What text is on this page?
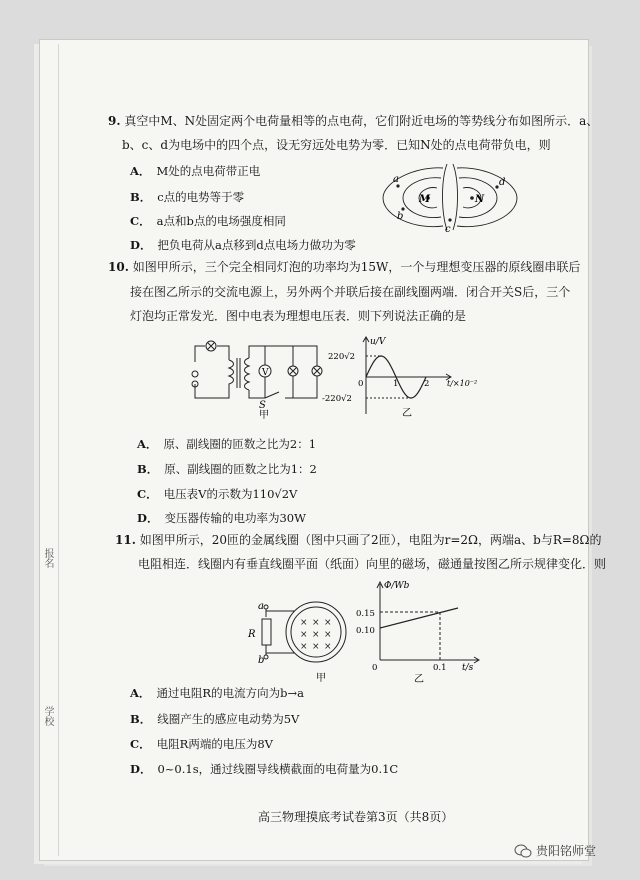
学校
报名
9. 真空中M、N处固定两个电荷量相等的点电荷，它们附近电场的等势线分布如图所示．a、
b、c、d为电场中的四个点，设无穷远处电势为零．已知N处的点电荷带负电，则
A． M处的点电荷带正电
B． c点的电势等于零
C． a点和b点的电场强度相同
D． 把负电荷从a点移到d点电场力做功为零
a
b
c
d
M	N
10. 如图甲所示，三个完全相同灯泡的功率均为15W，一个与理想变压器的原线圈串联后
接在图乙所示的交流电源上，另外两个并联后接在副线圈两端．闭合开关S后，三个
灯泡均正常发光．图中电表为理想电压表．则下列说法正确的是
V
S
甲
u/V
220√2
-220√2
0	1	2 t/×10⁻²
乙
A． 原、副线圈的匝数之比为2：1
B． 原、副线圈的匝数之比为1：2
C． 电压表V的示数为110√2V
D． 变压器传输的电功率为30W
11. 如图甲所示，20匝的金属线圈（图中只画了2匝），电阻为r=2Ω，两端a、b与R=8Ω的
电阻相连．线圈内有垂直线圈平面（纸面）向里的磁场，磁通量按图乙所示规律变化．则
× × ×
× × ×
× × ×
a
b
R
甲
Φ/Wb
0.15
0.10
0	0.1 t/s
乙
A． 通过电阻R的电流方向为b→a
B． 线圈产生的感应电动势为5V
C． 电阻R两端的电压为8V
D． 0~0.1s，通过线圈导线横截面的电荷量为0.1C
高三物理摸底考试卷第3页（共8页）
贵阳铭师堂
